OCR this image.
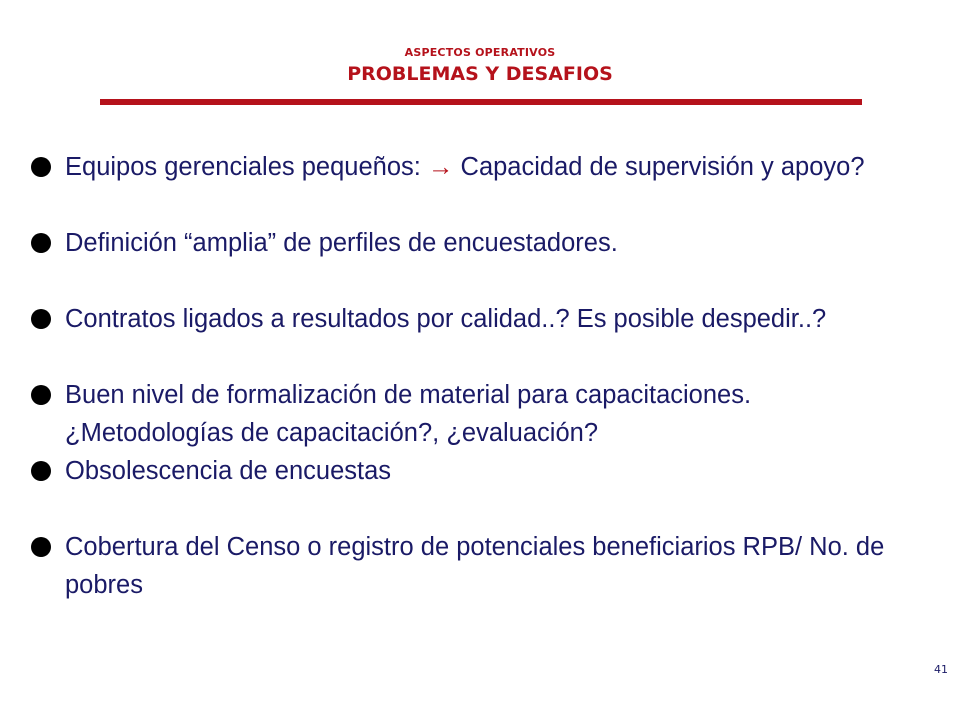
ASPECTOS OPERATIVOS
PROBLEMAS Y DESAFIOS
Equipos gerenciales pequeños: → Capacidad de supervisión y apoyo?
Definición “amplia” de perfiles de encuestadores.
Contratos ligados a resultados por calidad..? Es posible despedir..?
Buen nivel de formalización de material para capacitaciones. ¿Metodologías de capacitación?, ¿evaluación?
Obsolescencia de encuestas
Cobertura del Censo o registro de potenciales beneficiarios RPB/ No. de pobres
41
